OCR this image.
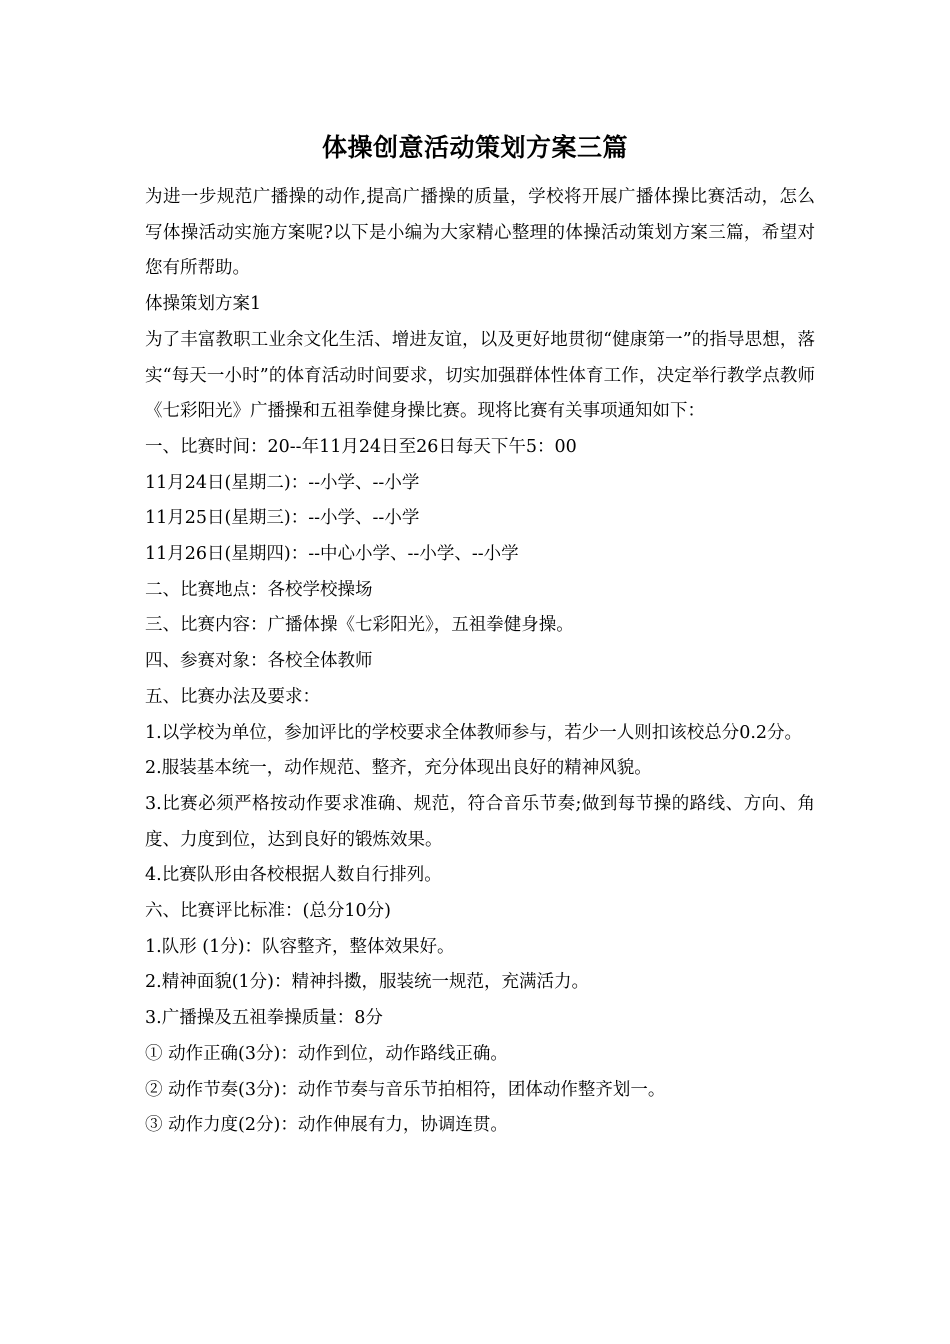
体操创意活动策划方案三篇

为进一步规范广播操的动作,提高广播操的质量，学校将开展广播体操比赛活动，怎么写体操活动实施方案呢?以下是小编为大家精心整理的体操活动策划方案三篇，希望对您有所帮助。

体操策划方案1

为了丰富教职工业余文化生活、增进友谊，以及更好地贯彻“健康第一”的指导思想，落实“每天一小时”的体育活动时间要求，切实加强群体性体育工作，决定举行教学点教师《七彩阳光》广播操和五祖拳健身操比赛。现将比赛有关事项通知如下：

一、比赛时间：20--年11月24日至26日每天下午5：00

11月24日(星期二)：--小学、--小学

11月25日(星期三)：--小学、--小学

11月26日(星期四)：--中心小学、--小学、--小学

二、比赛地点：各校学校操场

三、比赛内容：广播体操《七彩阳光》，五祖拳健身操。

四、参赛对象：各校全体教师

五、比赛办法及要求：

1.以学校为单位，参加评比的学校要求全体教师参与，若少一人则扣该校总分0.2分。

2.服装基本统一，动作规范、整齐，充分体现出良好的精神风貌。

3.比赛必须严格按动作要求准确、规范，符合音乐节奏;做到每节操的路线、方向、角度、力度到位，达到良好的锻炼效果。

4.比赛队形由各校根据人数自行排列。

六、比赛评比标准：(总分10分)

1.队形 (1分)：队容整齐，整体效果好。

2.精神面貌(1分)：精神抖擞，服装统一规范，充满活力。

3.广播操及五祖拳操质量：8分

① 动作正确(3分)：动作到位，动作路线正确。

② 动作节奏(3分)：动作节奏与音乐节拍相符，团体动作整齐划一。

③ 动作力度(2分)：动作伸展有力，协调连贯。
